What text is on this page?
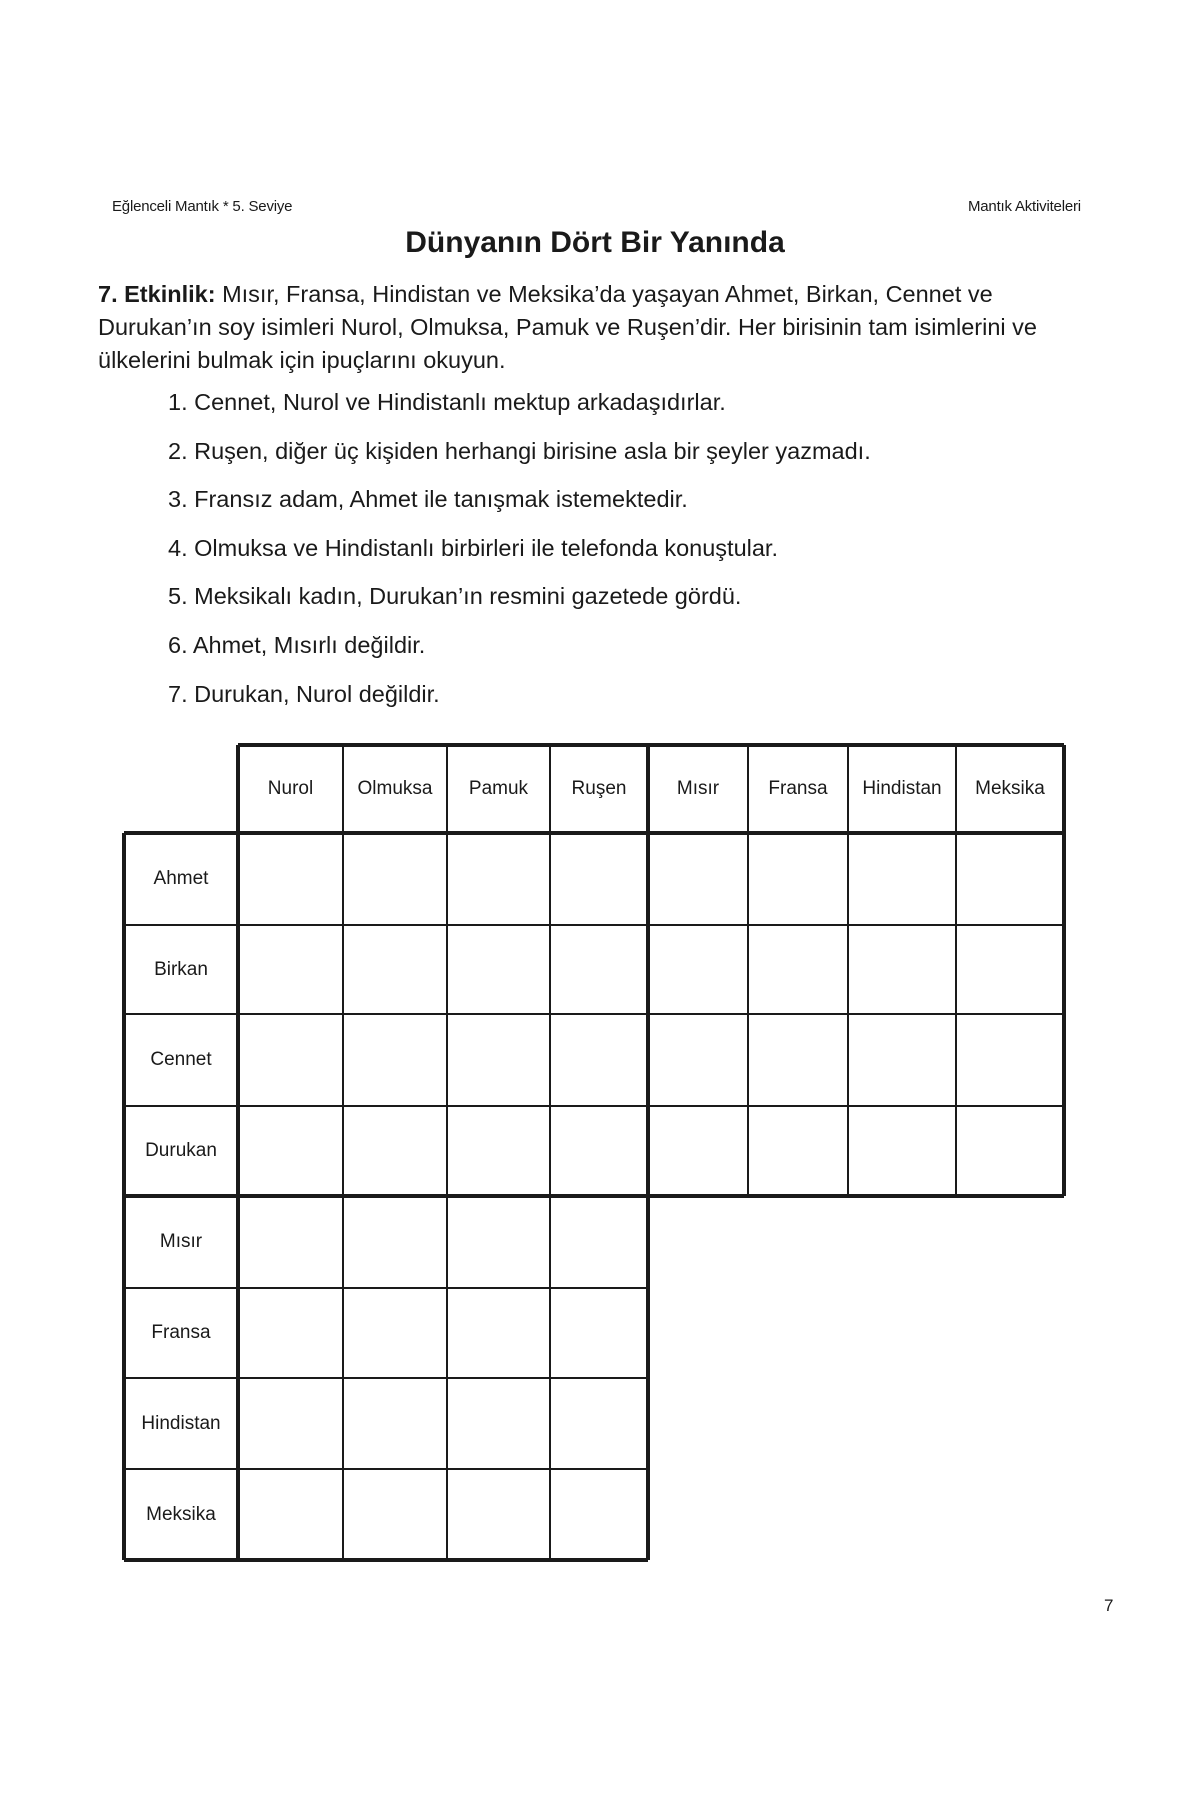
Eğlenceli Mantık * 5. Seviye	Mantık Aktiviteleri
Dünyanın Dört Bir Yanında

7. Etkinlik: Mısır, Fransa, Hindistan ve Meksika’da yaşayan Ahmet, Birkan, Cennet ve Durukan’ın soy isimleri Nurol, Olmuksa, Pamuk ve Ruşen’dir. Her birisinin tam isimlerini ve ülkelerini bulmak için ipuçlarını okuyun.

1. Cennet, Nurol ve Hindistanlı mektup arkadaşıdırlar.
2. Ruşen, diğer üç kişiden herhangi birisine asla bir şeyler yazmadı.
3. Fransız adam, Ahmet ile tanışmak istemektedir.
4. Olmuksa ve Hindistanlı birbirleri ile telefonda konuştular.
5. Meksikalı kadın, Durukan’ın resmini gazetede gördü.
6. Ahmet, Mısırlı değildir.
7. Durukan, Nurol değildir.
Nurol	Olmuksa	Pamuk	Ruşen	Mısır	Fransa	Hindistan	Meksika
Ahmet
Birkan
Cennet
Durukan
Mısır
Fransa
Hindistan
Meksika
7
